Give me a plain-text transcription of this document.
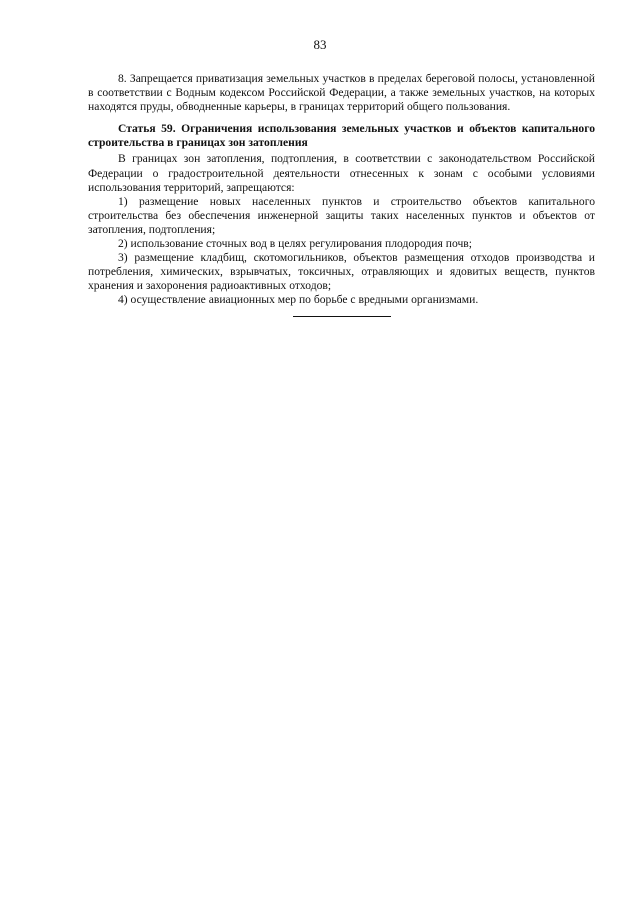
83

8. Запрещается приватизация земельных участков в пределах береговой полосы, установленной в соответствии с Водным кодексом Российской Федерации, а также земельных участков, на которых находятся пруды, обводненные карьеры, в границах территорий общего пользования.

Статья 59. Ограничения использования земельных участков и объектов капитального строительства в границах зон затопления

В границах зон затопления, подтопления, в соответствии с законодательством Российской Федерации о градостроительной деятельности отнесенных к зонам с особыми условиями использования территорий, запрещаются:

1) размещение новых населенных пунктов и строительство объектов капитального строительства без обеспечения инженерной защиты таких населенных пунктов и объектов от затопления, подтопления;

2) использование сточных вод в целях регулирования плодородия почв;

3) размещение кладбищ, скотомогильников, объектов размещения отходов производства и потребления, химических, взрывчатых, токсичных, отравляющих и ядовитых веществ, пунктов хранения и захоронения радиоактивных отходов;

4) осуществление авиационных мер по борьбе с вредными организмами.
